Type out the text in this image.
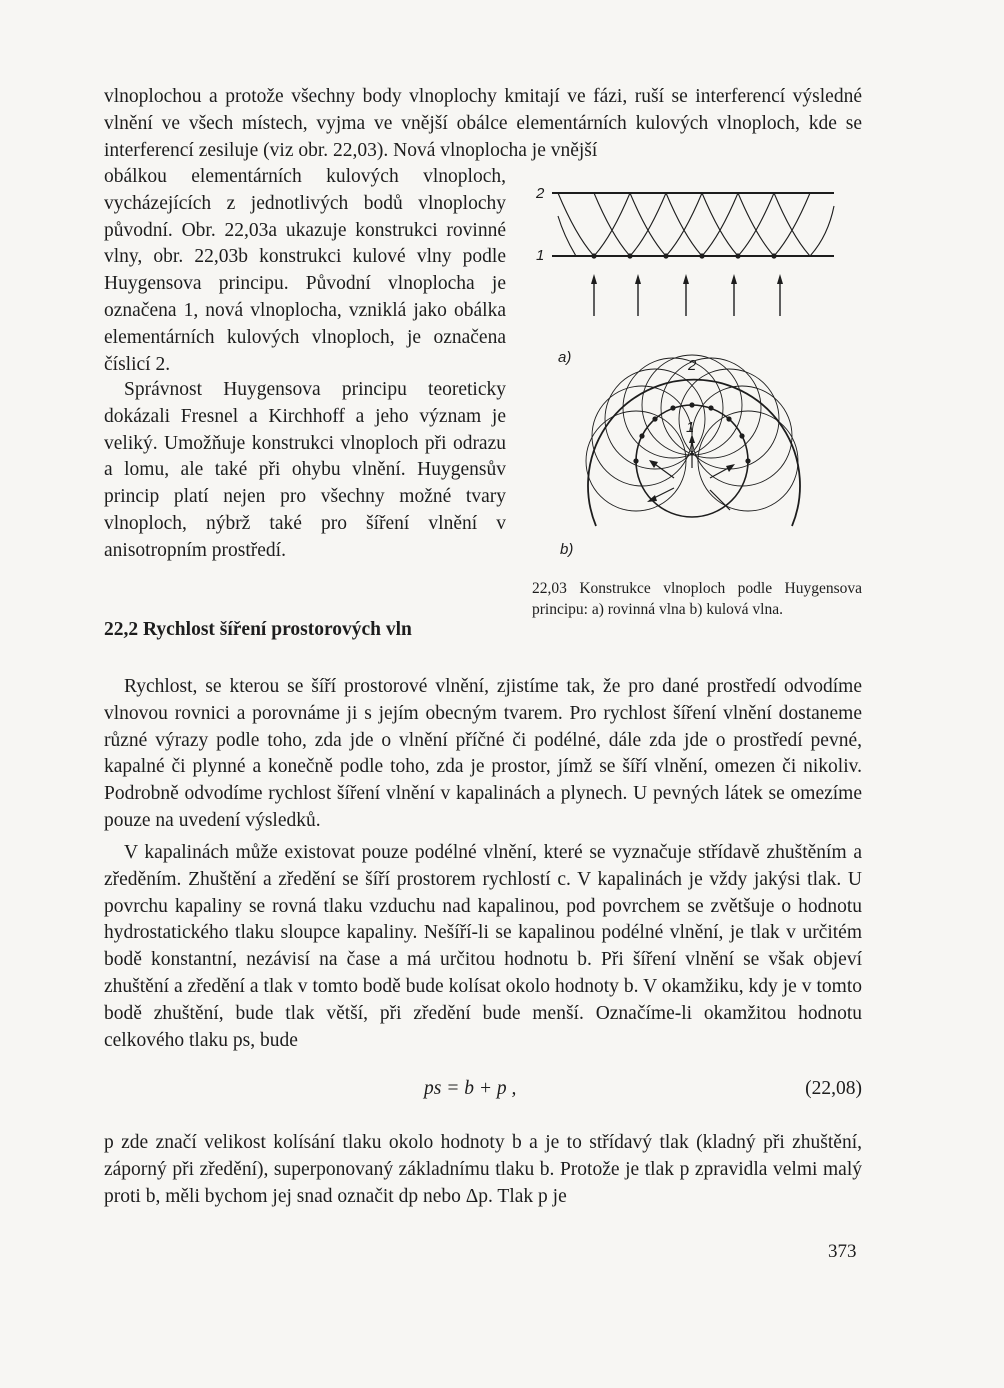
vlnoplochou a protože všechny body vlnoplochy kmitají ve fázi, ruší se interferencí výsledné vlnění ve všech místech, vyjma ve vnější obálce elementárních kulových vlnoploch, kde se interferencí zesiluje (viz obr. 22,03). Nová vlnoplocha je vnější

obálkou elementárních kulových vlnoploch, vycházejících z jednotlivých bodů vlnoplochy původní. Obr. 22,03a ukazuje konstrukci rovinné vlny, obr. 22,03b konstrukci kulové vlny podle Huygensova principu. Původní vlnoplocha je označena 1, nová vlnoplocha, vzniklá jako obálka elementárních kulových vlnoploch, je označena číslicí 2.

Správnost Huygensova principu teoreticky dokázali Fresnel a Kirchhoff a jeho význam je veliký. Umožňuje konstrukci vlnoploch při odrazu a lomu, ale také při ohybu vlnění. Huygensův princip platí nejen pro všechny možné tvary vlnoploch, nýbrž také pro šíření vlnění v anisotropním prostředí.

2
1
a)	2
1
b)

22,03 Konstrukce vlnoploch podle Huygensova principu: a) rovinná vlna b) kulová vlna.

22,2 Rychlost šíření prostorových vln

Rychlost, se kterou se šíří prostorové vlnění, zjistíme tak, že pro dané prostředí odvodíme vlnovou rovnici a porovnáme ji s jejím obecným tvarem. Pro rychlost šíření vlnění dostaneme různé výrazy podle toho, zda jde o vlnění příčné či podélné, dále zda jde o prostředí pevné, kapalné či plynné a konečně podle toho, zda je prostor, jímž se šíří vlnění, omezen či nikoliv. Podrobně odvodíme rychlost šíření vlnění v kapalinách a plynech. U pevných látek se omezíme pouze na uvedení výsledků.

V kapalinách může existovat pouze podélné vlnění, které se vyznačuje střídavě zhuštěním a zředěním. Zhuštění a zředění se šíří prostorem rychlostí c. V kapalinách je vždy jakýsi tlak. U povrchu kapaliny se rovná tlaku vzduchu nad kapalinou, pod povrchem se zvětšuje o hodnotu hydrostatického tlaku sloupce kapaliny. Nešíří-li se kapalinou podélné vlnění, je tlak v určitém bodě konstantní, nezávisí na čase a má určitou hodnotu b. Při šíření vlnění se však objeví zhuštění a zředění a tlak v tomto bodě bude kolísat okolo hodnoty b. V okamžiku, kdy je v tomto bodě zhuštění, bude tlak větší, při zředění bude menší. Označíme-li okamžitou hodnotu celkového tlaku ps, bude

ps = b + p ,	(22,08)

p zde značí velikost kolísání tlaku okolo hodnoty b a je to střídavý tlak (kladný při zhuštění, záporný při zředění), superponovaný základnímu tlaku b. Protože je tlak p zpravidla velmi malý proti b, měli bychom jej snad označit dp nebo Δp. Tlak p je

373
